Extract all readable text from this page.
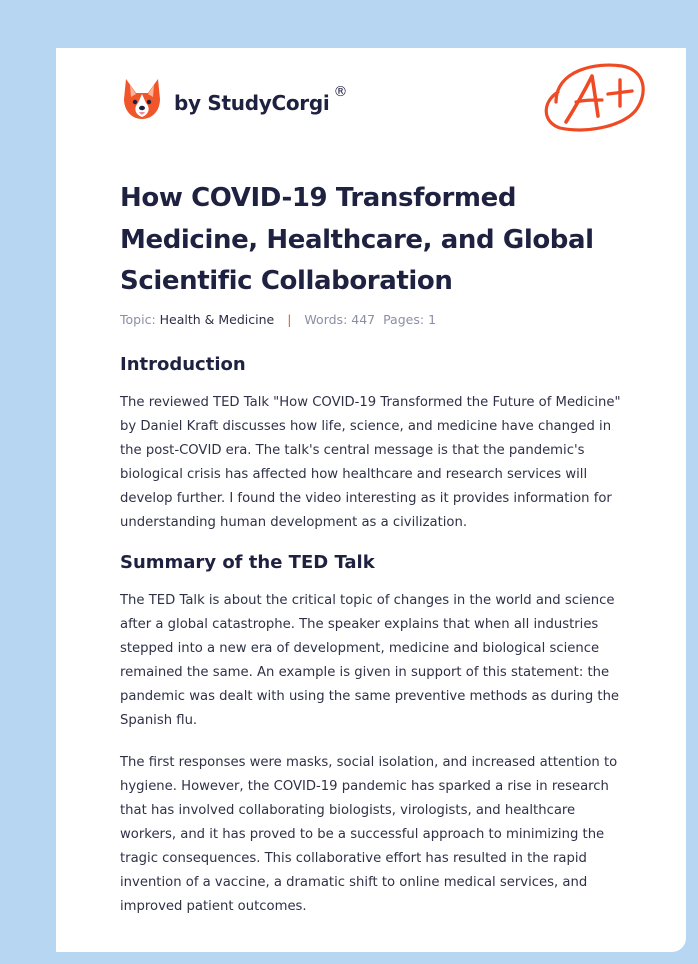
by StudyCorgi ®
How COVID-19 Transformed Medicine, Healthcare, and Global Scientific Collaboration
Topic: Health & Medicine | Words: 447 Pages: 1
Introduction

The reviewed TED Talk "How COVID-19 Transformed the Future of Medicine" by Daniel Kraft discusses how life, science, and medicine have changed in the post-COVID era. The talk's central message is that the pandemic's biological crisis has affected how healthcare and research services will develop further. I found the video interesting as it provides information for understanding human development as a civilization.

Summary of the TED Talk

The TED Talk is about the critical topic of changes in the world and science after a global catastrophe. The speaker explains that when all industries stepped into a new era of development, medicine and biological science remained the same. An example is given in support of this statement: the pandemic was dealt with using the same preventive methods as during the Spanish flu.

The first responses were masks, social isolation, and increased attention to hygiene. However, the COVID-19 pandemic has sparked a rise in research that has involved collaborating biologists, virologists, and healthcare workers, and it has proved to be a successful approach to minimizing the tragic consequences. This collaborative effort has resulted in the rapid invention of a vaccine, a dramatic shift to online medical services, and improved patient outcomes.
